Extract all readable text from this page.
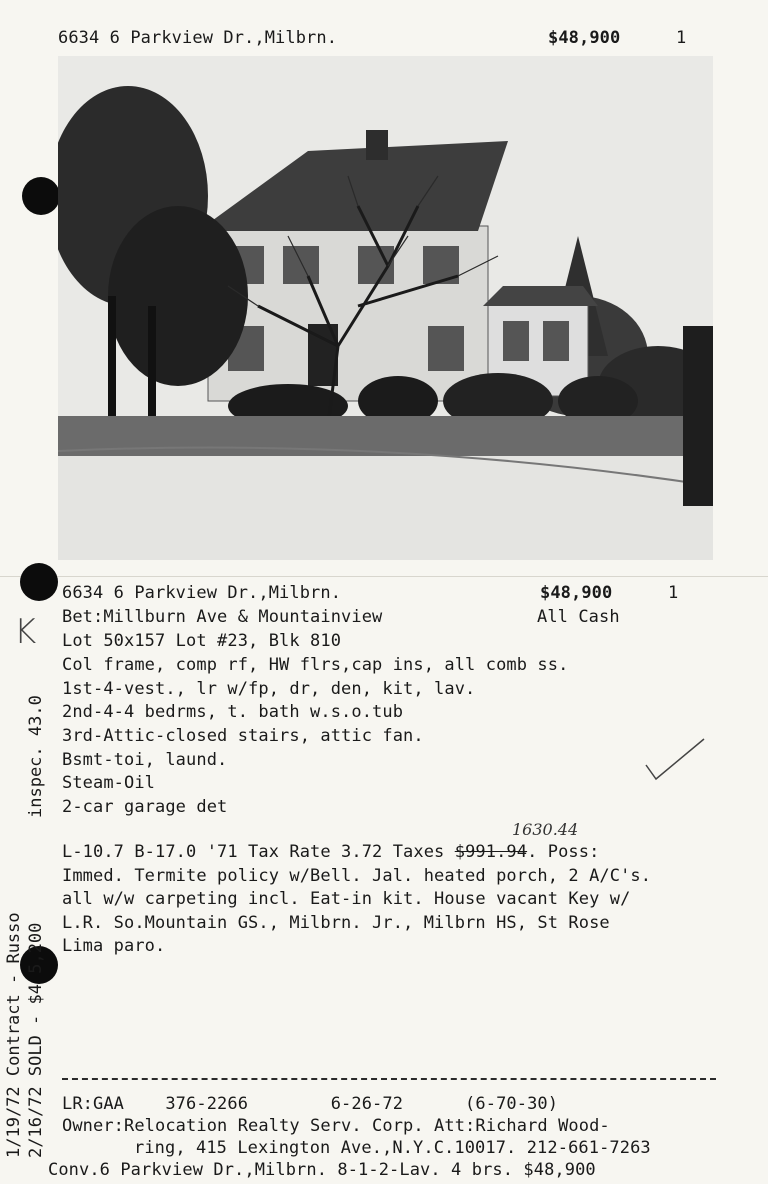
6634 6 Parkview Dr.,Milbrn.	$48,900	1
6634 6 Parkview Dr.,Milbrn.	$48,900	1
All Cash
Bet:Millburn Ave & Mountainview
Lot 50x157 Lot #23, Blk 810
Col frame, comp rf, HW flrs,cap ins, all comb ss.
1st-4-vest., lr w/fp, dr, den, kit, lav.
2nd-4-4 bedrms, t. bath w.s.o.tub
3rd-Attic-closed stairs, attic fan.
Bsmt-toi, laund.
Steam-Oil
2-car garage det
1630.44
L-10.7 B-17.0 '71 Tax Rate 3.72 Taxes $991.94. Poss:
Immed. Termite policy w/Bell. Jal. heated porch, 2 A/C's.
all w/w carpeting incl. Eat-in kit. House vacant Key w/
L.R. So.Mountain GS., Milbrn. Jr., Milbrn HS, St Rose
Lima paro.
K
inspec. 43.0
1/19/72 Contract - Russo 2/16/72 SOLD - $4 5,200 LR:GAA    376-2266        6-26-72      (6-70-30)
Owner:Relocation Realty Serv. Corp. Att:Richard Wood-
ring, 415 Lexington Ave.,N.Y.C.10017. 212-661-7263
Conv.6 Parkview Dr.,Milbrn. 8-1-2-Lav. 4 brs. $48,900
